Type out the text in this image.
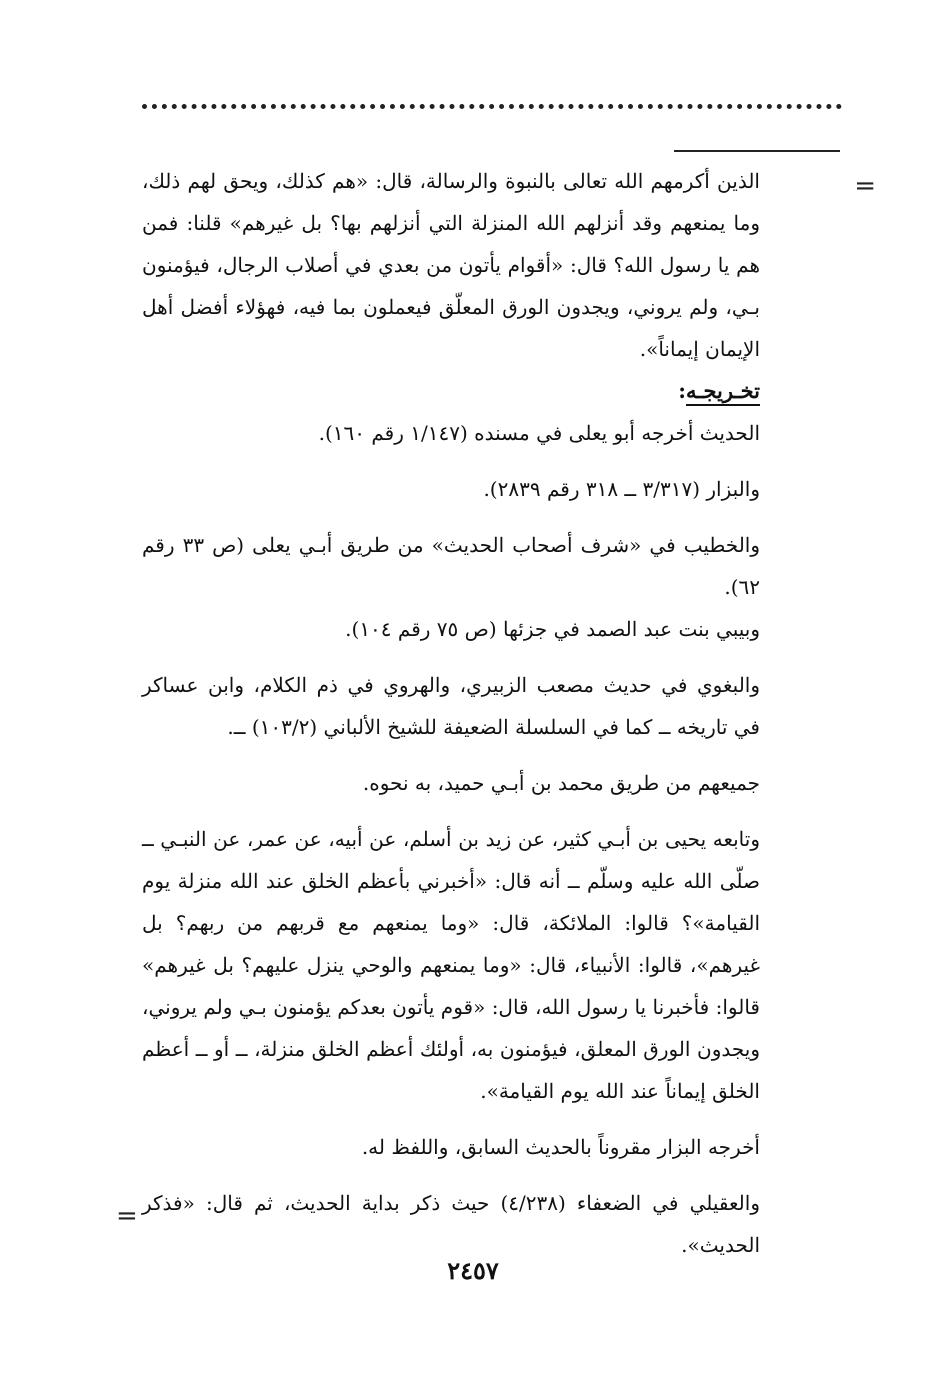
=

الذين أكرمهم الله تعالى بالنبوة والرسالة، قال: «هم كذلك، ويحق لهم ذلك، وما يمنعهم وقد أنزلهم الله المنزلة التي أنزلهم بها؟ بل غيرهم» قلنا: فمن هم يا رسول الله؟ قال: «أقوام يأتون من بعدي في أصلاب الرجال، فيؤمنون بـي، ولم يروني، ويجدون الورق المعلّق فيعملون بما فيه، فهؤلاء أفضل أهل الإيمان إيماناً».

تخـريجـه:

الحديث أخرجه أبو يعلى في مسنده (١/١٤٧ رقم ١٦٠).

والبزار (٣/٣١٧ ــ ٣١٨ رقم ٢٨٣٩).

والخطيب في «شرف أصحاب الحديث» من طريق أبـي يعلى (ص ٣٣ رقم ٦٢).

وبيبي بنت عبد الصمد في جزئها (ص ٧٥ رقم ١٠٤).

والبغوي في حديث مصعب الزبيري، والهروي في ذم الكلام، وابن عساكر في تاريخه ــ كما في السلسلة الضعيفة للشيخ الألباني (١٠٣/٢) ــ.

جميعهم من طريق محمد بن أبـي حميد، به نحوه.

وتابعه يحيى بن أبـي كثير، عن زيد بن أسلم، عن أبيه، عن عمر، عن النبـي ــ صلّى الله عليه وسلّم ــ أنه قال: «أخبرني بأعظم الخلق عند الله منزلة يوم القيامة»؟ قالوا: الملائكة، قال: «وما يمنعهم مع قربهم من ربهم؟ بل غيرهم»، قالوا: الأنبياء، قال: «وما يمنعهم والوحي ينزل عليهم؟ بل غيرهم» قالوا: فأخبرنا يا رسول الله، قال: «قوم يأتون بعدكم يؤمنون بـي ولم يروني، ويجدون الورق المعلق، فيؤمنون به، أولئك أعظم الخلق منزلة، ــ أو ــ أعظم الخلق إيماناً عند الله يوم القيامة».

أخرجه البزار مقروناً بالحديث السابق، واللفظ له.

والعقيلي في الضعفاء (٤/٢٣٨) حيث ذكر بداية الحديث، ثم قال: «فذكر الحديث».

=
٢٤٥٧
